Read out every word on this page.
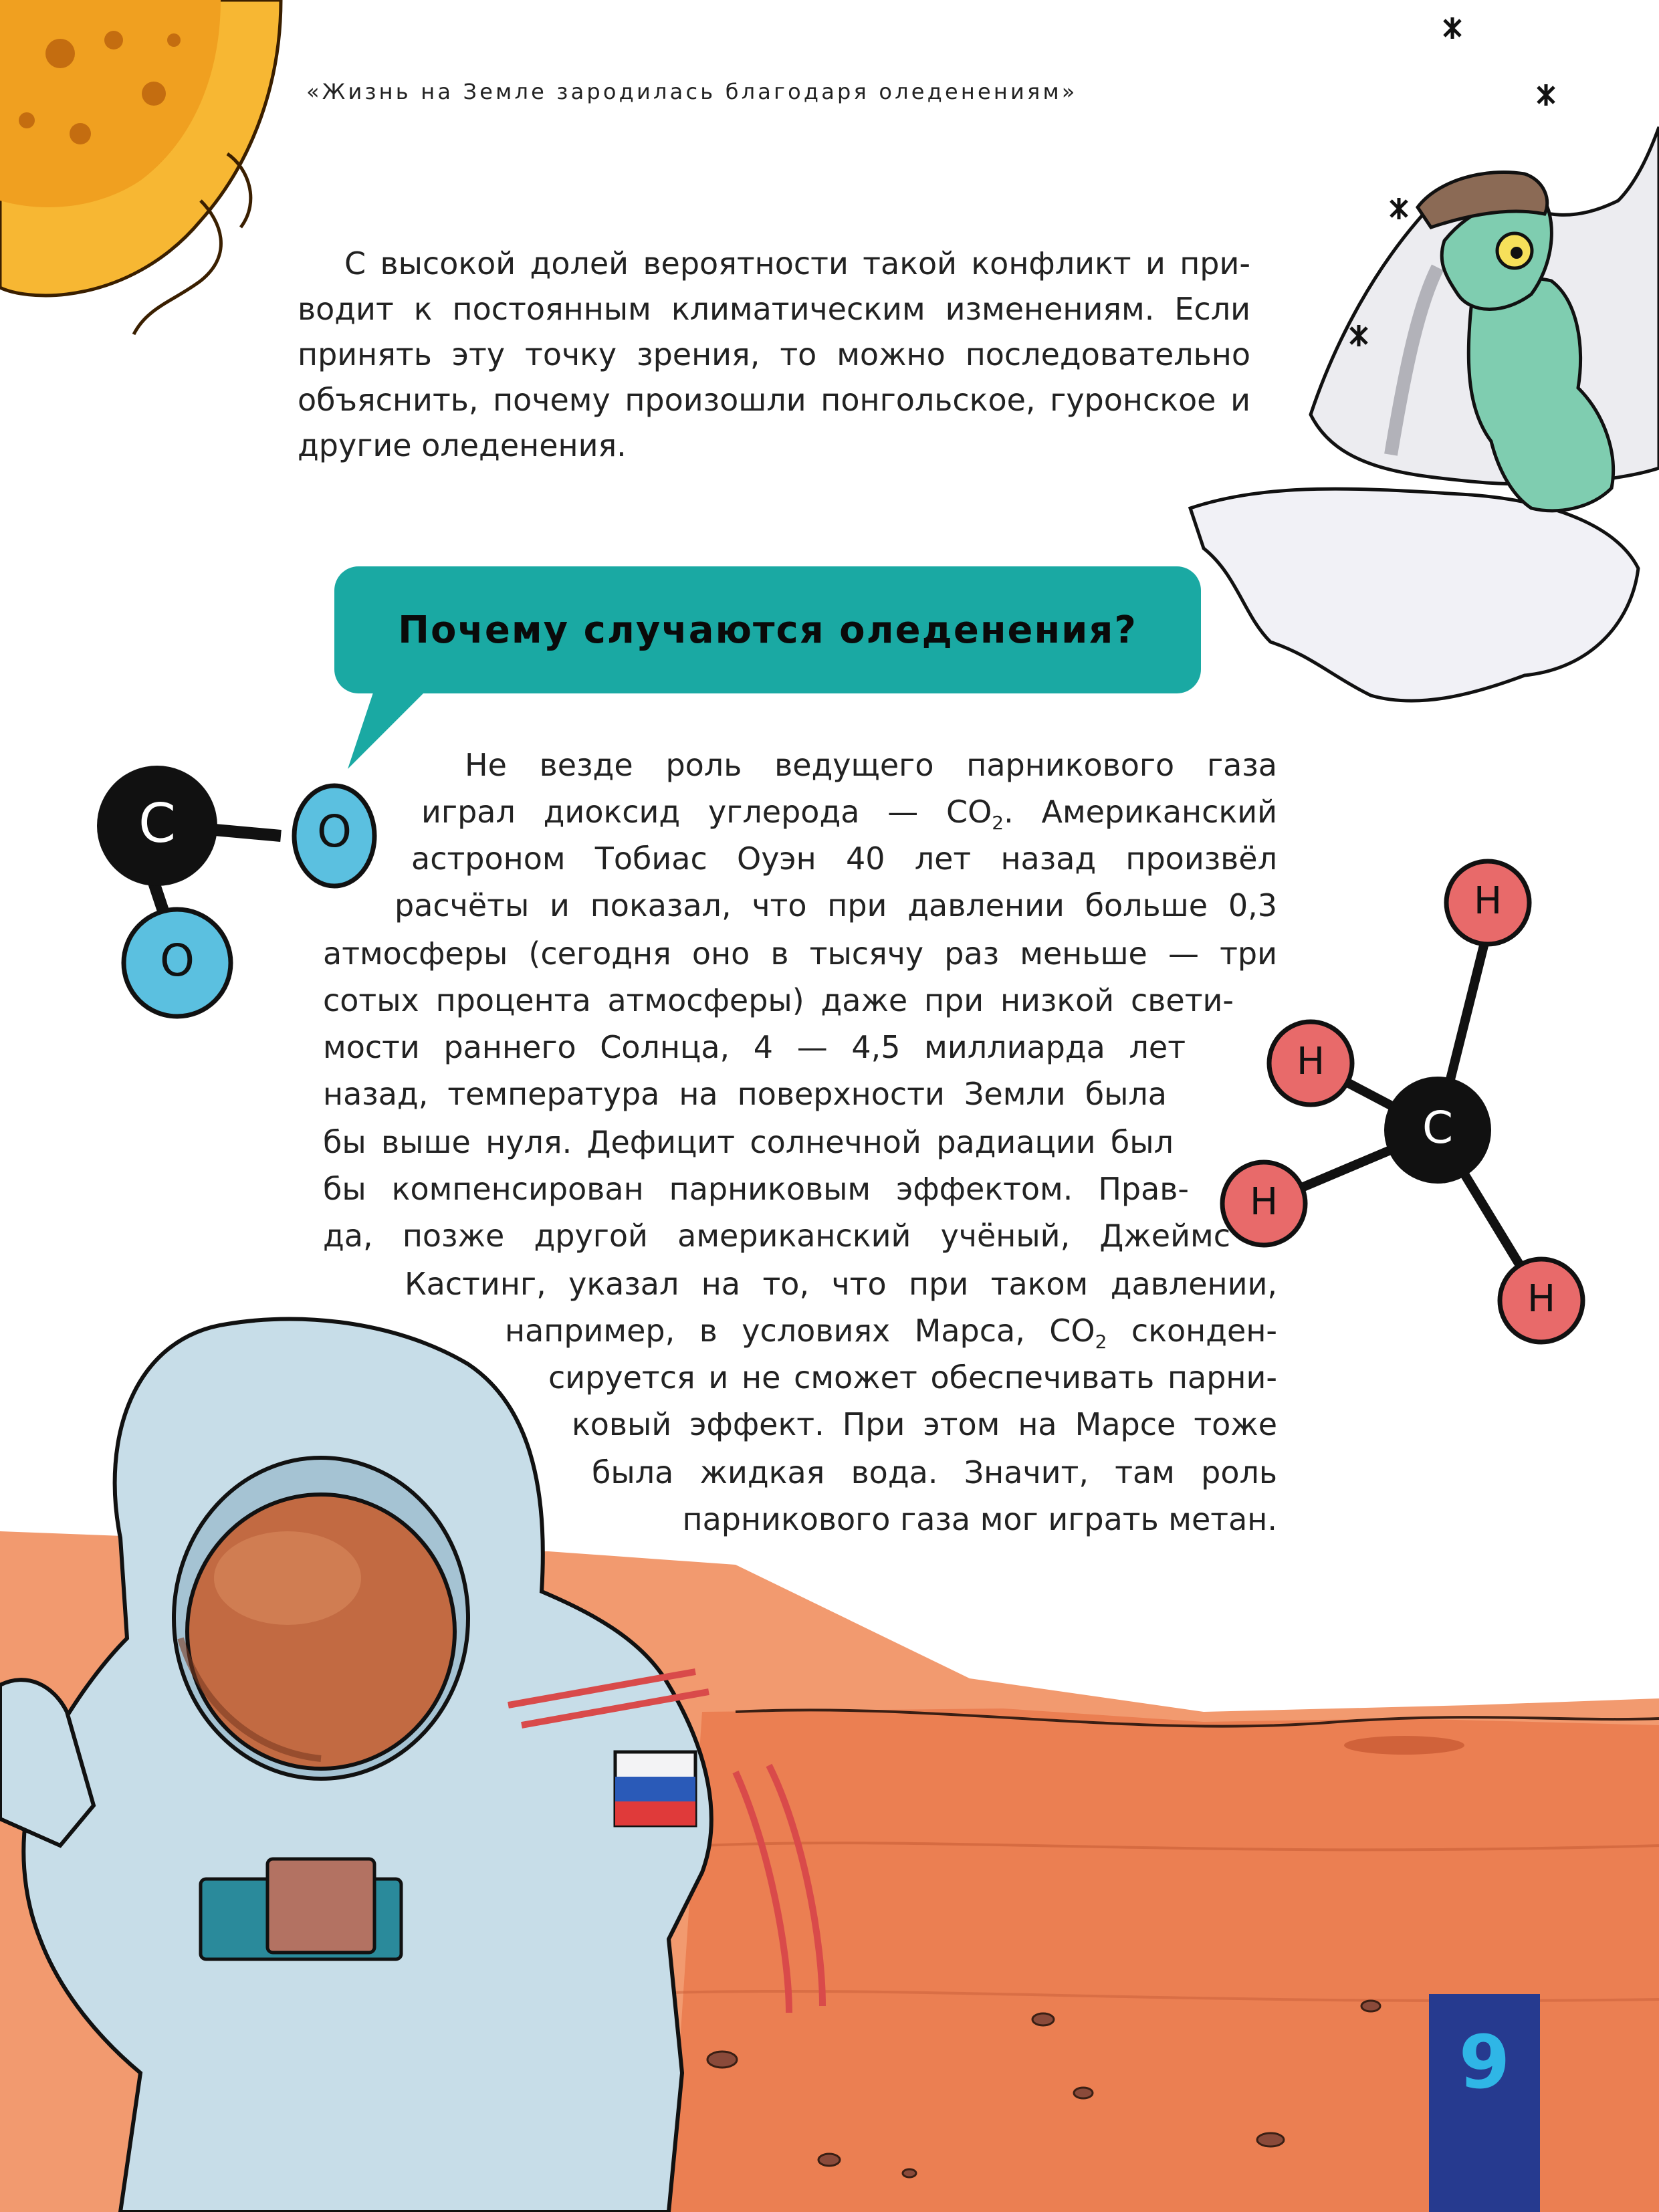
«Жизнь на Земле зародилась благодаря оледенениям»

С высокой долей вероятности такой конфликт и при-
водит к постоянным климатическим изменениям. Если
принять эту точку зрения, то можно последовательно
объяснить, почему произошли понгольское, гуронское и
другие оледенения.

Почему случаются оледенения?
C	O
O
C
H
H
H
H
Не везде роль ведущего парникового газа
играл диоксид углерода — $CO_2$. Американский
астроном Тобиас Оуэн 40 лет назад произвёл
расчёты и показал, что при давлении больше 0,3
атмосферы (сегодня оно в тысячу раз меньше — три
сотых процента атмосферы) даже при низкой свети-
мости раннего Солнца, 4 — 4,5 миллиарда лет
назад, температура на поверхности Земли была
бы выше нуля. Дефицит солнечной радиации был
бы компенсирован парниковым эффектом. Прав-
да, позже другой американский учёный, Джеймс
Кастинг, указал на то, что при таком давлении,
например, в условиях Марса, $CO_2$ сконден-
сируется и не сможет обеспечивать парни-
ковый эффект. При этом на Марсе тоже
была жидкая вода. Значит, там роль
парникового газа мог играть метан.
9
